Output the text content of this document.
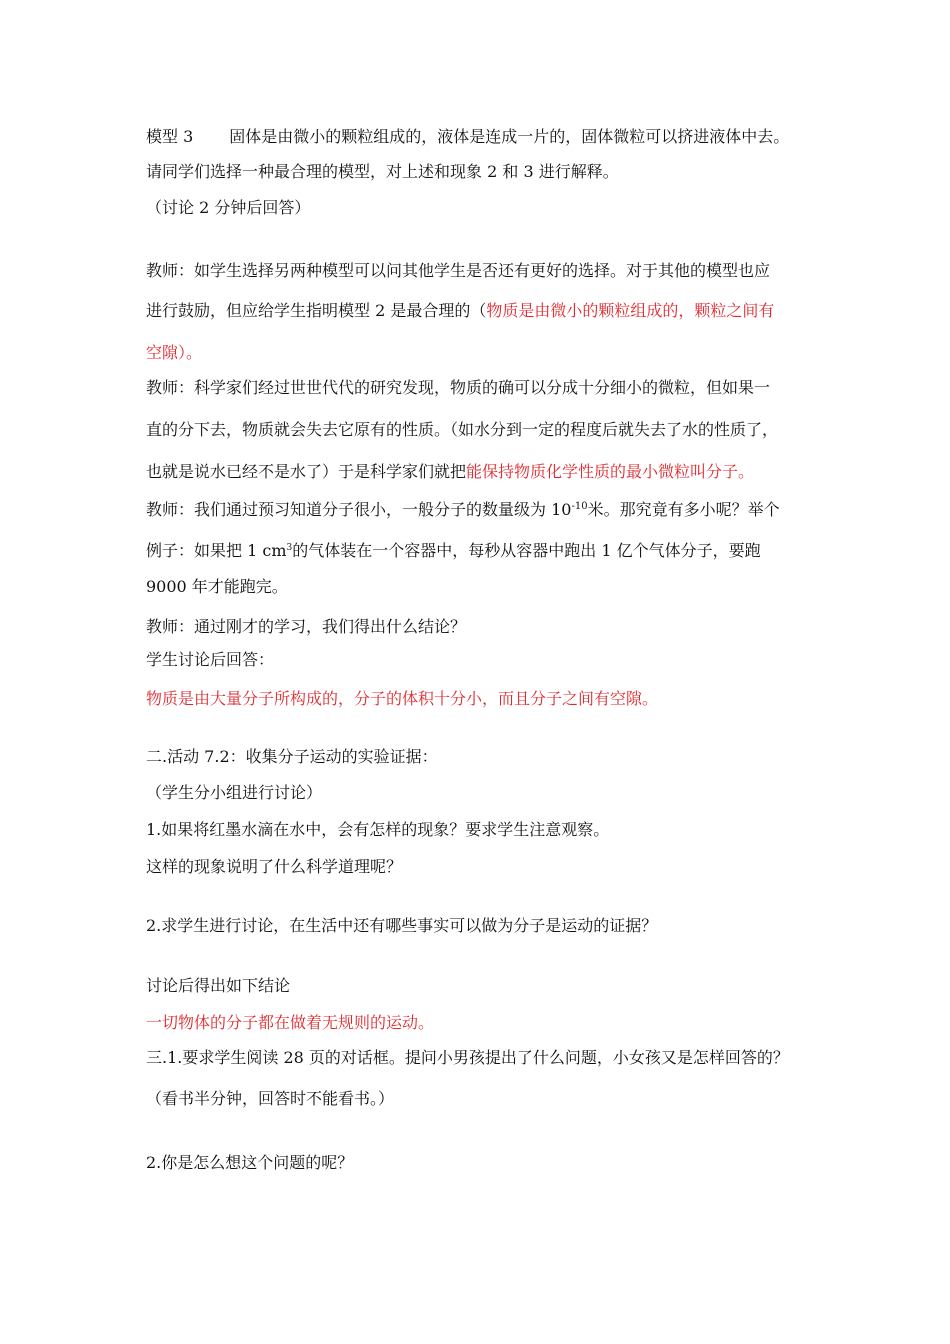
模型 3 固体是由微小的颗粒组成的，液体是连成一片的，固体微粒可以挤进液体中去。
请同学们选择一种最合理的模型，对上述和现象 2 和 3 进行解释。
（讨论 2 分钟后回答）
教师：如学生选择另两种模型可以问其他学生是否还有更好的选择。对于其他的模型也应
进行鼓励，但应给学生指明模型 2 是最合理的（物质是由微小的颗粒组成的，颗粒之间有
空隙）。
教师：科学家们经过世世代代的研究发现，物质的确可以分成十分细小的微粒，但如果一
直的分下去，物质就会失去它原有的性质。（如水分到一定的程度后就失去了水的性质了，
也就是说水已经不是水了）于是科学家们就把能保持物质化学性质的最小微粒叫分子。
教师：我们通过预习知道分子很小，一般分子的数量级为 $10^{-10}$米。那究竟有多小呢？举个
例子：如果把 1 $cm^3$的气体装在一个容器中，每秒从容器中跑出 1 亿个气体分子，要跑
9000 年才能跑完。
教师：通过刚才的学习，我们得出什么结论？
学生讨论后回答：
物质是由大量分子所构成的，分子的体积十分小，而且分子之间有空隙。
二.活动 7.2：收集分子运动的实验证据：
（学生分小组进行讨论）
1.如果将红墨水滴在水中，会有怎样的现象？要求学生注意观察。
这样的现象说明了什么科学道理呢？
2.求学生进行讨论，在生活中还有哪些事实可以做为分子是运动的证据？
讨论后得出如下结论
一切物体的分子都在做着无规则的运动。
三.1.要求学生阅读 28 页的对话框。提问小男孩提出了什么问题，小女孩又是怎样回答的？
（看书半分钟，回答时不能看书。）
2.你是怎么想这个问题的呢？
